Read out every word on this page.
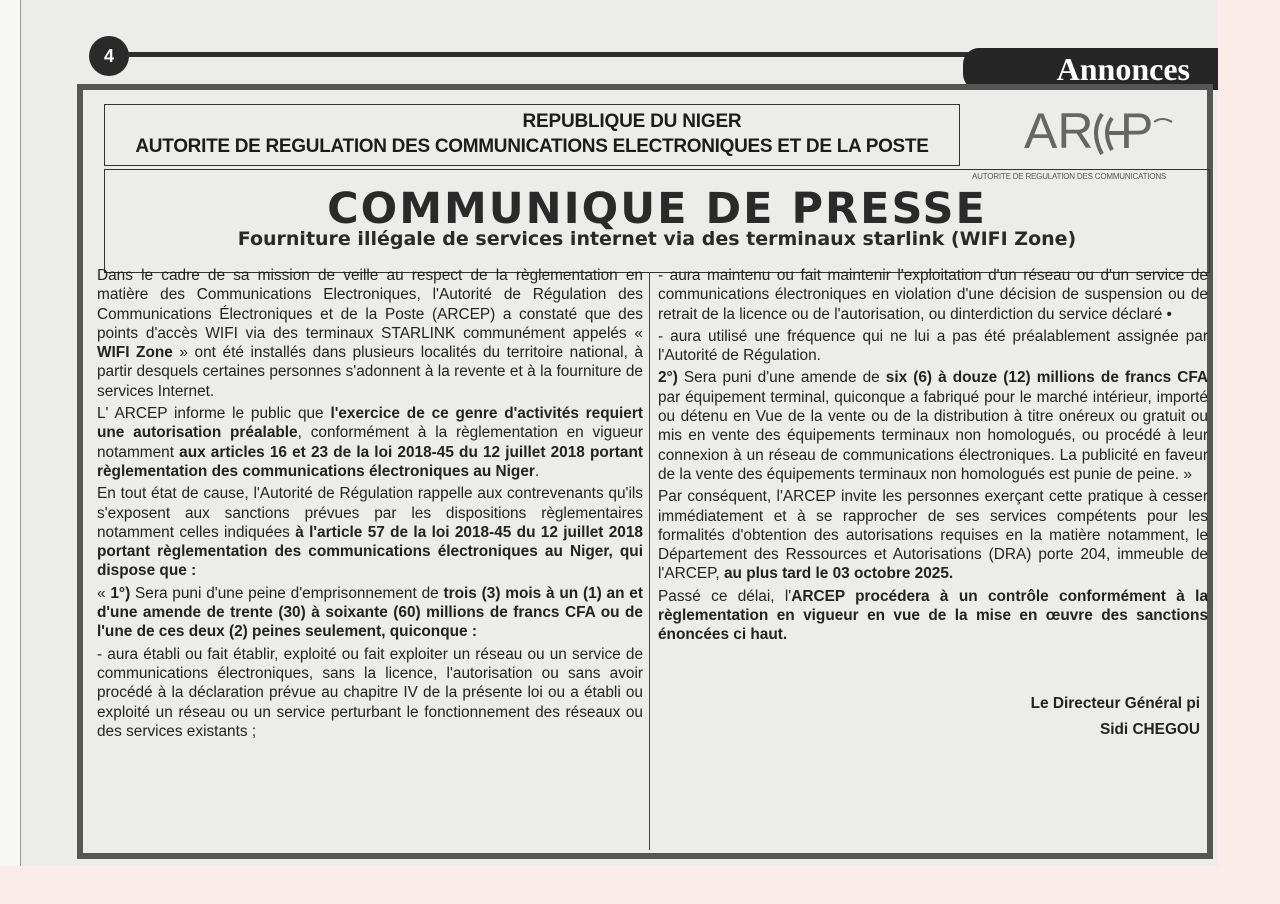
4	Annonces
REPUBLIQUE DU NIGER
AUTORITE DE REGULATION DES COMMUNICATIONS ELECTRONIQUES ET DE LA POSTE	AR P
AUTORITE DE REGULATION DES COMMUNICATIONS
COMMUNIQUE DE PRESSE
Fourniture illégale de services internet via des terminaux starlink (WIFI Zone)

Dans le cadre de sa mission de veille au respect de la règlementation en matière des Communications Electroniques, l'Autorité de Régulation des Communications Électroniques et de la Poste (ARCEP) a constaté que des points d'accès WIFI via des terminaux STARLINK communément appelés « WIFI Zone » ont été installés dans plusieurs localités du territoire national, à partir desquels certaines personnes s'adonnent à la revente et à la fourniture de services Internet.

L' ARCEP informe le public que l'exercice de ce genre d'activités requiert une autorisation préalable, conformément à la règlementation en vigueur notamment aux articles 16 et 23 de la loi 2018-45 du 12 juillet 2018 portant règlementation des communications électroniques au Niger.

En tout état de cause, l'Autorité de Régulation rappelle aux contrevenants qu'ils s'exposent aux sanctions prévues par les dispositions règlementaires notamment celles indiquées à l'article 57 de la loi 2018-45 du 12 juillet 2018 portant règlementation des communications électroniques au Niger, qui dispose que :

« 1°) Sera puni d'une peine d'emprisonnement de trois (3) mois à un (1) an et d'une amende de trente (30) à soixante (60) millions de francs CFA ou de l'une de ces deux (2) peines seulement, quiconque :

- aura établi ou fait établir, exploité ou fait exploiter un réseau ou un service de communications électroniques, sans la licence, l'autorisation ou sans avoir procédé à la déclaration prévue au chapitre IV de la présente loi ou a établi ou exploité un réseau ou un service perturbant le fonctionnement des réseaux ou des services existants ;

- aura maintenu ou fait maintenir l'exploitation d'un réseau ou d'un service de communications électroniques en violation d'une décision de suspension ou de retrait de la licence ou de l'autorisation, ou dinterdiction du service déclaré •

- aura utilisé une fréquence qui ne lui a pas été préalablement assignée par l'Autorité de Régulation.

2°) Sera puni d'une amende de six (6) à douze (12) millions de francs CFA par équipement terminal, quiconque a fabriqué pour le marché intérieur, importé ou détenu en Vue de la vente ou de la distribution à titre onéreux ou gratuit ou mis en vente des équipements terminaux non homologués, ou procédé à leur connexion à un réseau de communications électroniques. La publicité en faveur de la vente des équipements terminaux non homologués est punie de peine. »

Par conséquent, l'ARCEP invite les personnes exerçant cette pratique à cesser immédiatement et à se rapprocher de ses services compétents pour les formalités d'obtention des autorisations requises en la matière notamment, le Département des Ressources et Autorisations (DRA) porte 204, immeuble de l'ARCEP, au plus tard le 03 octobre 2025.

Passé ce délai, l'ARCEP procédera à un contrôle conformément à la règlementation en vigueur en vue de la mise en œuvre des sanctions énoncées ci haut.

Le Directeur Général pi
Sidi CHEGOU
